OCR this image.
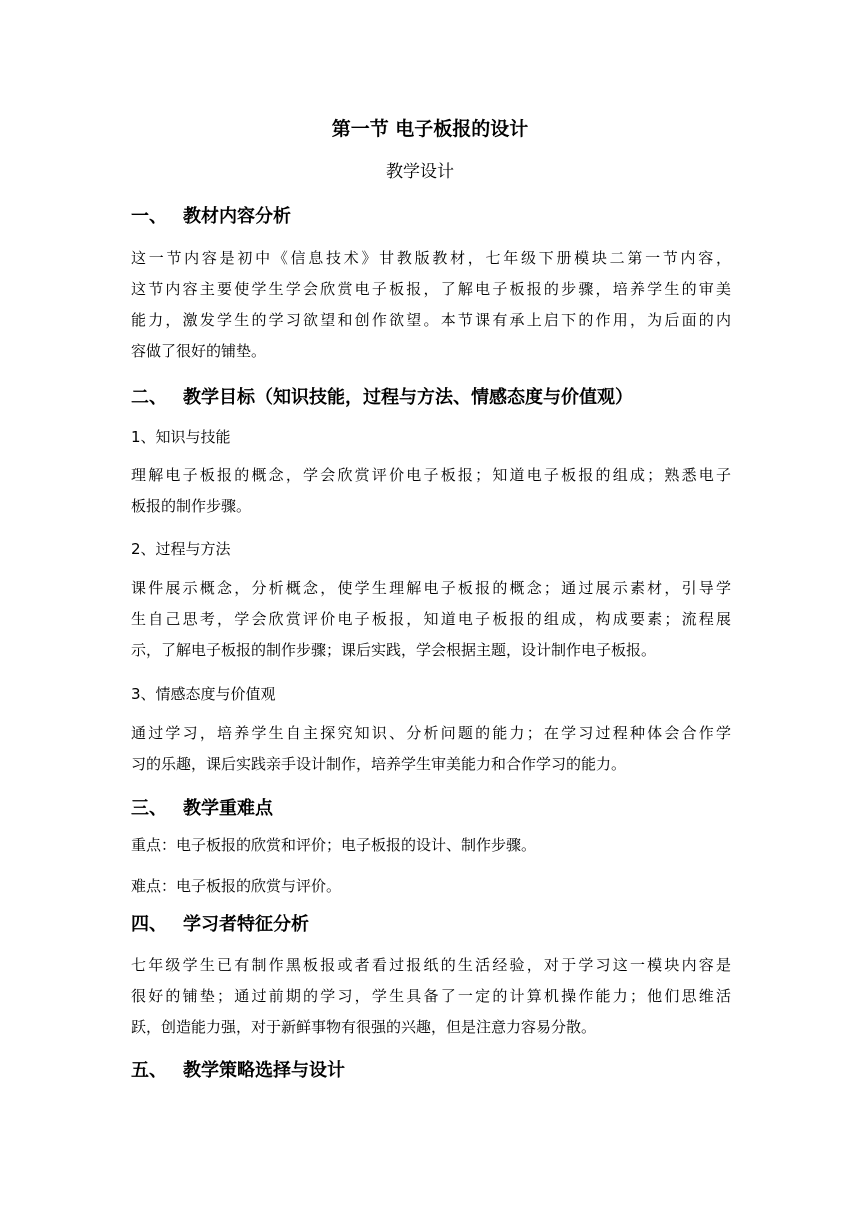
第一节 电子板报的设计
教学设计
一、 教材内容分析
这一节内容是初中《信息技术》甘教版教材，七年级下册模块二第一节内容，
这节内容主要使学生学会欣赏电子板报，了解电子板报的步骤，培养学生的审美
能力，激发学生的学习欲望和创作欲望。本节课有承上启下的作用，为后面的内
容做了很好的铺垫。
二、 教学目标（知识技能，过程与方法、情感态度与价值观）
1、知识与技能
理解电子板报的概念，学会欣赏评价电子板报；知道电子板报的组成；熟悉电子
板报的制作步骤。
2、过程与方法
课件展示概念，分析概念，使学生理解电子板报的概念；通过展示素材，引导学
生自己思考，学会欣赏评价电子板报，知道电子板报的组成，构成要素；流程展
示，了解电子板报的制作步骤；课后实践，学会根据主题，设计制作电子板报。
3、情感态度与价值观
通过学习，培养学生自主探究知识、分析问题的能力；在学习过程种体会合作学
习的乐趣，课后实践亲手设计制作，培养学生审美能力和合作学习的能力。
三、 教学重难点
重点：电子板报的欣赏和评价；电子板报的设计、制作步骤。
难点：电子板报的欣赏与评价。
四、 学习者特征分析
七年级学生已有制作黑板报或者看过报纸的生活经验，对于学习这一模块内容是
很好的铺垫；通过前期的学习，学生具备了一定的计算机操作能力；他们思维活
跃，创造能力强，对于新鲜事物有很强的兴趣，但是注意力容易分散。
五、 教学策略选择与设计
